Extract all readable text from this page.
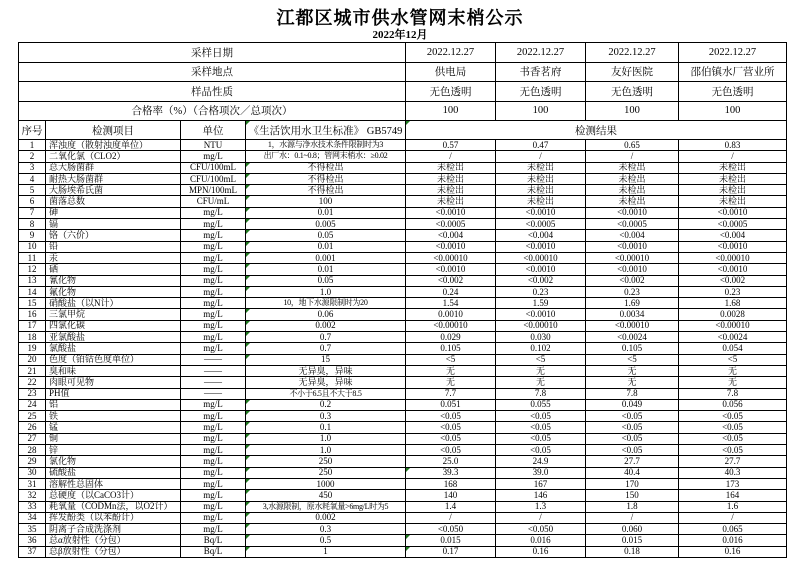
江都区城市供水管网末梢公示
2022年12月
采样日期				2022.12.27	2022.12.27	2022.12.27	2022.12.27
采样地点				供电局	书香茗府	友好医院	邵伯镇水厂营业所
样品性质				无色透明	无色透明	无色透明	无色透明
合格率（%）（合格项次／总项次）				100	100	100	100
序号	检测项目	单位	《生活饮用水卫生标准》 GB5749	检测结果			
1	浑浊度（散射浊度单位）	NTU	1，水源与净水技术条件限制时为3	0.57	0.47	0.65	0.83
2	二氧化氯（CLO2）	mg/L	出厂水：0.1~0.8；管网末梢水：≥0.02	/	/	/	/
3	总大肠菌群	CFU/100mL	不得检出	未检出	未检出	未检出	未检出
4	耐热大肠菌群	CFU/100mL	不得检出	未检出	未检出	未检出	未检出
5	大肠埃希氏菌	MPN/100mL	不得检出	未检出	未检出	未检出	未检出
6	菌落总数	CFU/mL	100	未检出	未检出	未检出	未检出
7	砷	mg/L	0.01	<0.0010	<0.0010	<0.0010	<0.0010
8	镉	mg/L	0.005	<0.0005	<0.0005	<0.0005	<0.0005
9	铬（六价）	mg/L	0.05	<0.004	<0.004	<0.004	<0.004
10	铅	mg/L	0.01	<0.0010	<0.0010	<0.0010	<0.0010
11	汞	mg/L	0.001	<0.00010	<0.00010	<0.00010	<0.00010
12	硒	mg/L	0.01	<0.0010	<0.0010	<0.0010	<0.0010
13	氰化物	mg/L	0.05	<0.002	<0.002	<0.002	<0.002
14	氟化物	mg/L	1.0	0.24	0.23	0.23	0.23
15	硝酸盐（以N计）	mg/L	10，地下水源限制时为20	1.54	1.59	1.69	1.68
16	三氯甲烷	mg/L	0.06	0.0010	<0.0010	0.0034	0.0028
17	四氯化碳	mg/L	0.002	<0.00010	<0.00010	<0.00010	<0.00010
18	亚氯酸盐	mg/L	0.7	0.029	0.030	<0.0024	<0.0024
19	氯酸盐	mg/L	0.7	0.105	0.102	0.105	0.054
20	色度（铂钴色度单位）	——	15	<5	<5	<5	<5
21	臭和味	——	无异臭，异味	无	无	无	无
22	肉眼可见物	——	无异臭，异味	无	无	无	无
23	PH值	——	不小于6.5且不大于8.5	7.7	7.8	7.8	7.8
24	铝	mg/L	0.2	0.051	0.055	0.049	0.056
25	铁	mg/L	0.3	<0.05	<0.05	<0.05	<0.05
26	锰	mg/L	0.1	<0.05	<0.05	<0.05	<0.05
27	铜	mg/L	1.0	<0.05	<0.05	<0.05	<0.05
28	锌	mg/L	1.0	<0.05	<0.05	<0.05	<0.05
29	氯化物	mg/L	250	25.0	24.9	27.7	27.7
30	硫酸盐	mg/L	250	39.3	39.0	40.4	40.3
31	溶解性总固体	mg/L	1000	168	167	170	173
32	总硬度（以CaCO3计）	mg/L	450	140	146	150	164
33	耗氧量（CODMn法，以O2计）	mg/L	3,水源限制，原水耗氧量>6mg/L时为5	1.4	1.3	1.8	1.6
34	挥发酚类（以苯酚计）	mg/L	0.002	/	/	/	/
35	阴离子合成洗涤剂	mg/L	0.3	<0.050	<0.050	0.060	0.065
36	总α放射性（分包）	Bq/L	0.5	0.015	0.016	0.015	0.016
37	总β放射性（分包）	Bq/L	1	0.17	0.16	0.18	0.16
